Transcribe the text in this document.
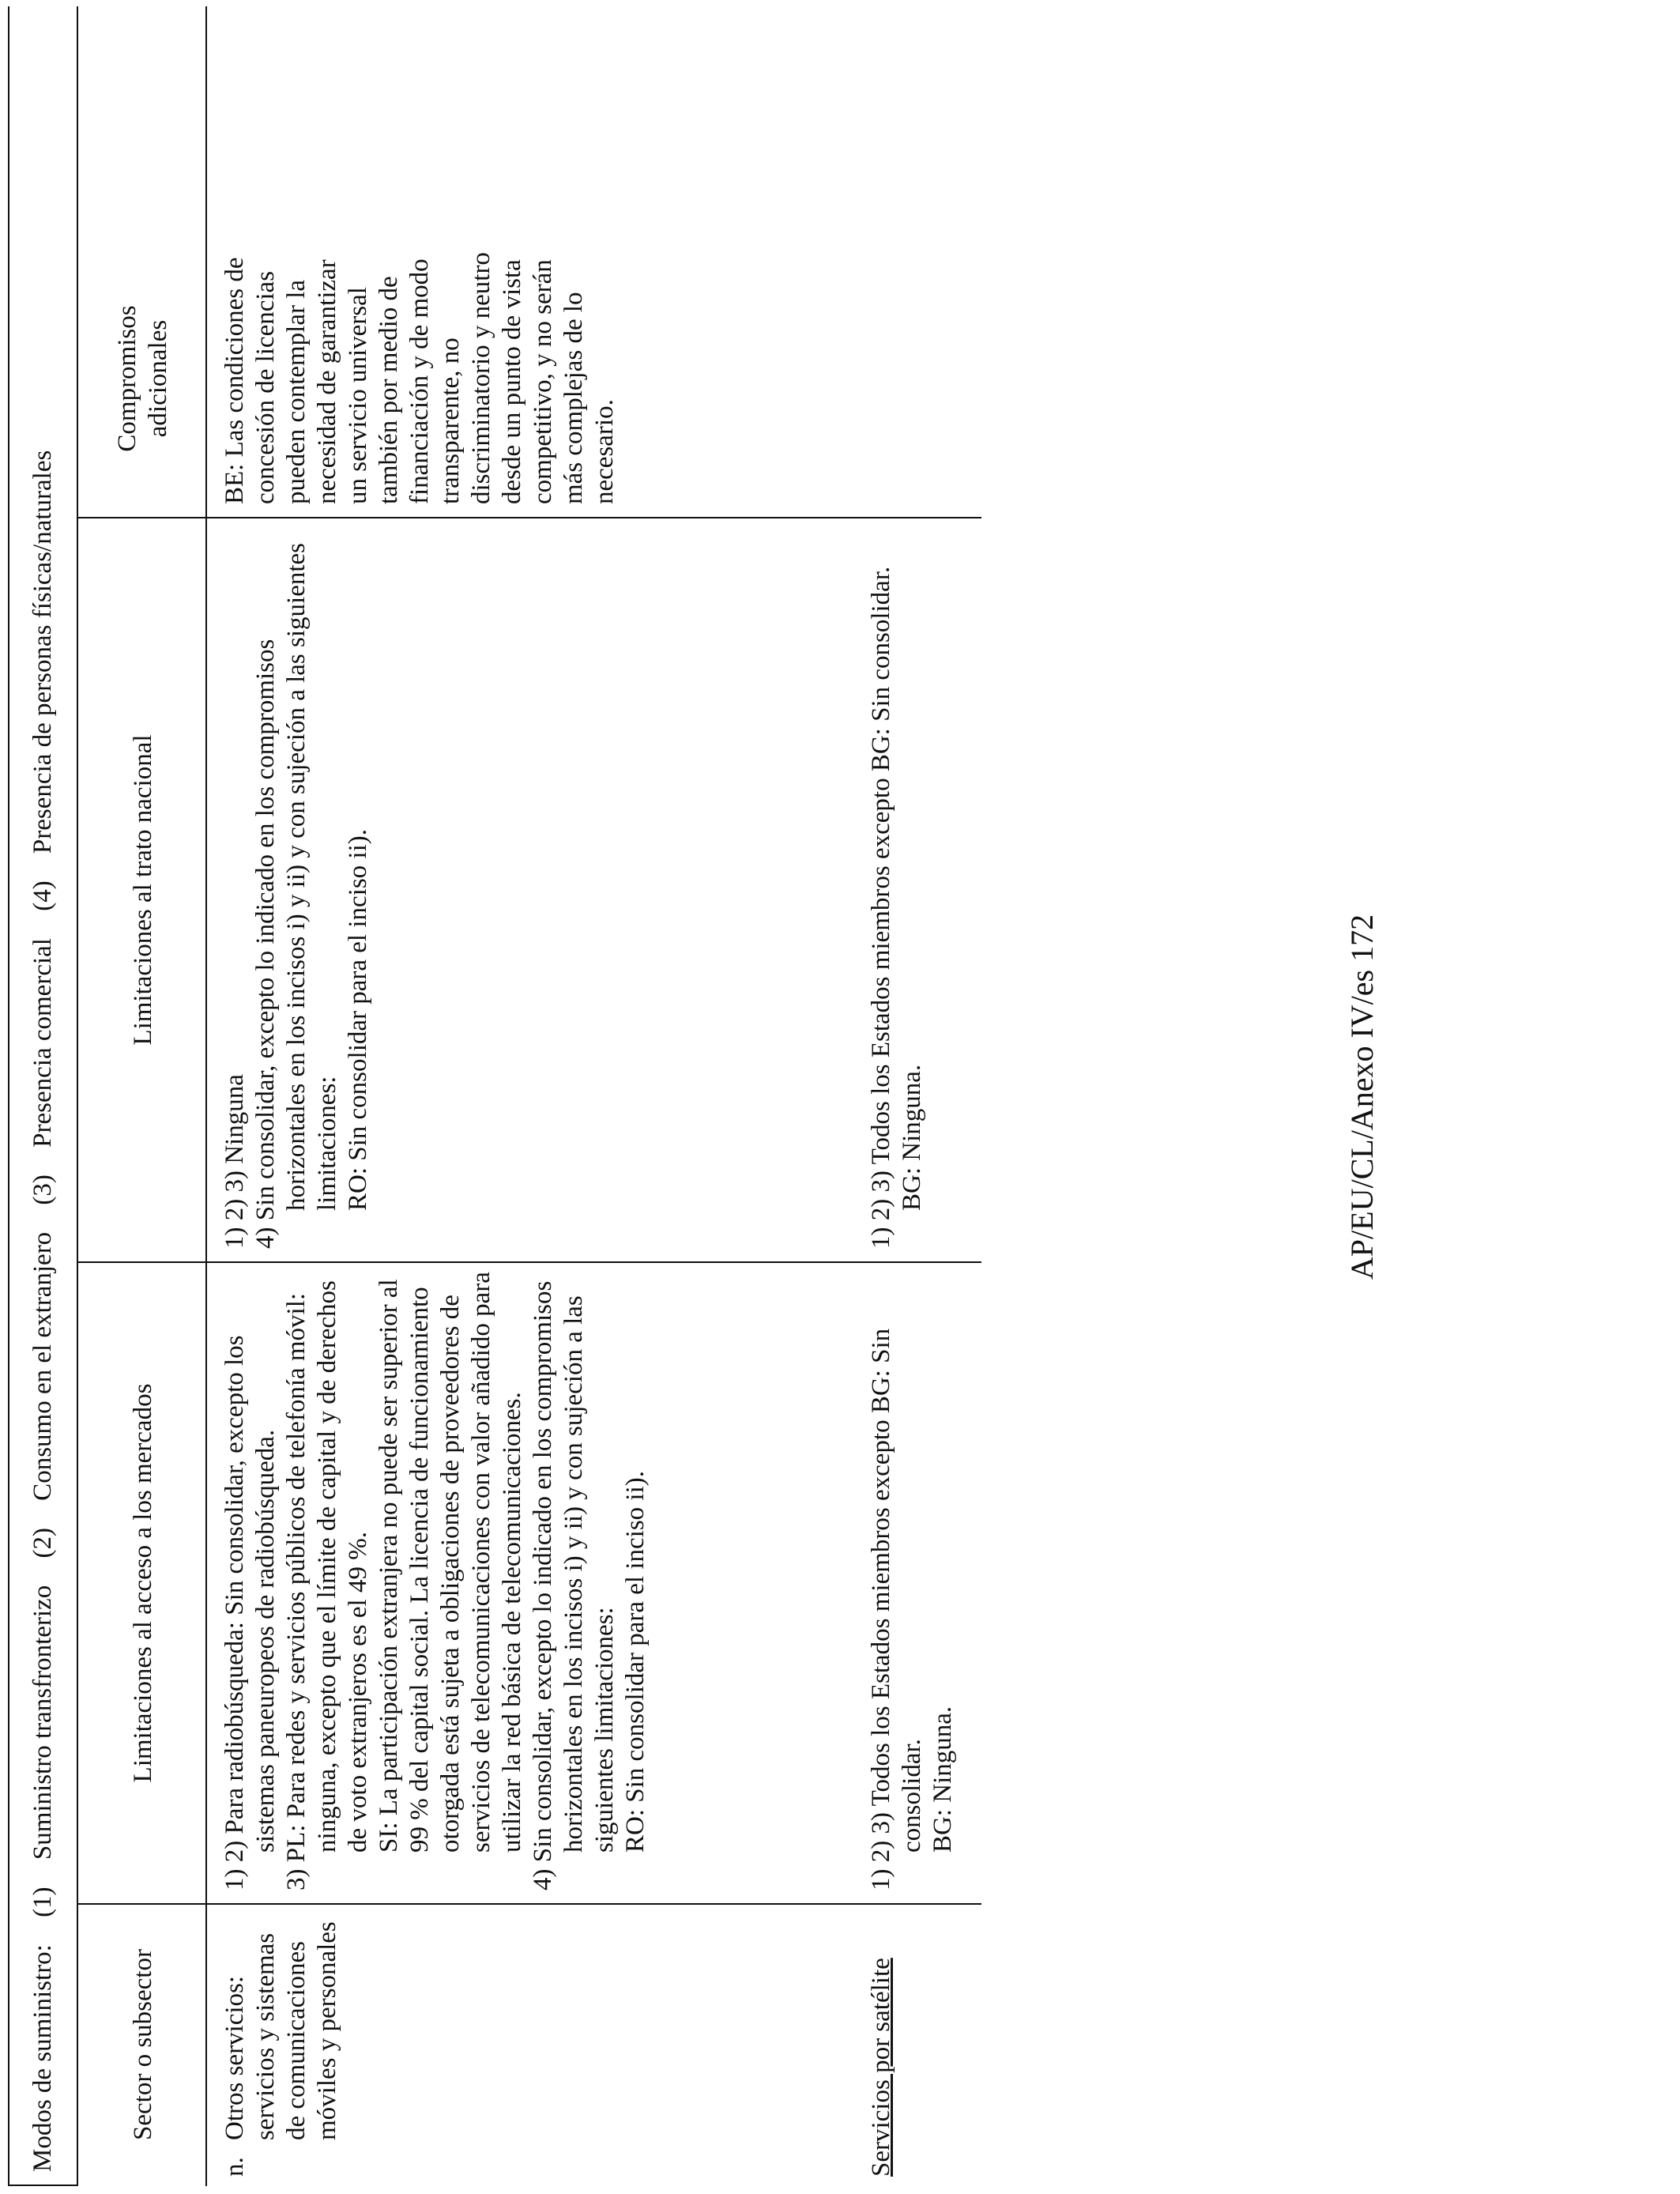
Modos de suministro: (1) Suministro transfronterizo (2) Consumo en el extranjero (3) Presencia comercial (4) Presencia de personas físicas/naturales
Sector o subsector
Limitaciones al acceso a los mercados
Limitaciones al trato nacional
Compromisos adicionales
n.
Otros servicios: servicios y sistemas de comunicaciones móviles y personales

1) 2) Para radiobúsqueda: Sin consolidar, excepto los sistemas paneuropeos de radiobúsqueda. 3) PL: Para redes y servicios públicos de telefonía móvil: ninguna, excepto que el límite de capital y de derechos de voto extranjeros es el 49 %. SI: La participación extranjera no puede ser superior al 99 % del capital social. La licencia de funcionamiento otorgada está sujeta a obligaciones de proveedores de servicios de telecomunicaciones con valor añadido para utilizar la red básica de telecomunicaciones. 4) Sin consolidar, excepto lo indicado en los compromisos horizontales en los incisos i) y ii) y con sujeción a las siguientes limitaciones: RO: Sin consolidar para el inciso ii).

1) 2) 3) Ninguna 4) Sin consolidar, excepto lo indicado en los compromisos horizontales en los incisos i) y ii) y con sujeción a las siguientes limitaciones: RO: Sin consolidar para el inciso ii).

BE: Las condiciones de concesión de licencias pueden contemplar la necesidad de garantizar un servicio universal también por medio de financiación y de modo transparente, no discriminatorio y neutro desde un punto de vista competitivo, y no serán más complejas de lo necesario.

Servicios por satélite

1) 2) 3) Todos los Estados miembros excepto BG: Sin consolidar. BG: Ninguna.

1) 2) 3) Todos los Estados miembros excepto BG: Sin consolidar. BG: Ninguna.	AP/EU/CL/Anexo IV/es 172
